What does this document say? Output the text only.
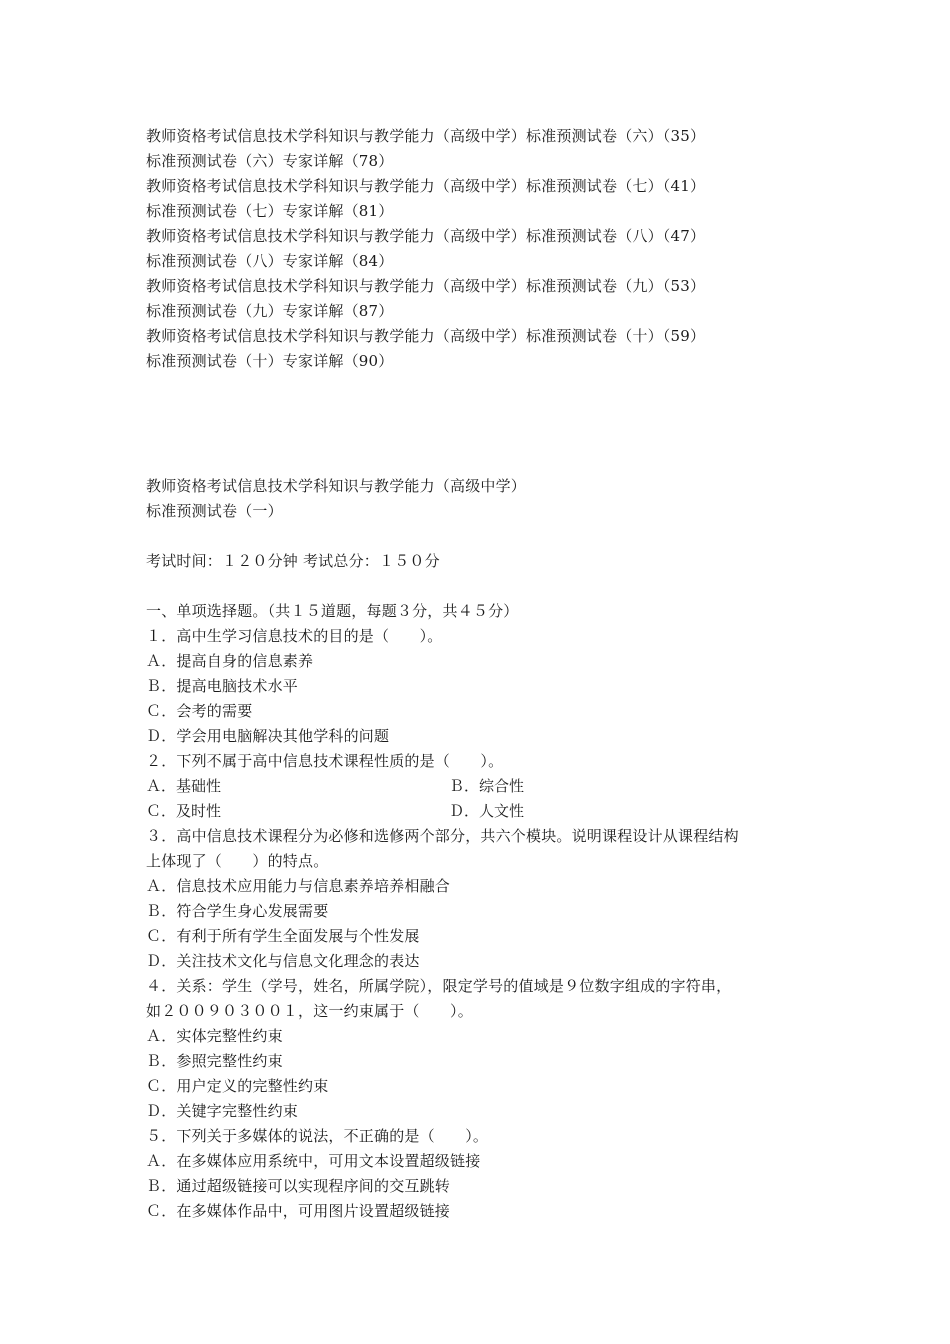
教师资格考试信息技术学科知识与教学能力（高级中学）标准预测试卷（六）（35）
标准预测试卷（六）专家详解（78）
教师资格考试信息技术学科知识与教学能力（高级中学）标准预测试卷（七）（41）
标准预测试卷（七）专家详解（81）
教师资格考试信息技术学科知识与教学能力（高级中学）标准预测试卷（八）（47）
标准预测试卷（八）专家详解（84）
教师资格考试信息技术学科知识与教学能力（高级中学）标准预测试卷（九）（53）
标准预测试卷（九）专家详解（87）
教师资格考试信息技术学科知识与教学能力（高级中学）标准预测试卷（十）（59）
标准预测试卷（十）专家详解（90）
教师资格考试信息技术学科知识与教学能力（高级中学）
标准预测试卷（一）
考试时间：１２０分钟 考试总分：１５０分
一、单项选择题。（共１５道题，每题３分，共４５分）
１．高中生学习信息技术的目的是（　　）。
Ａ．提高自身的信息素养
Ｂ．提高电脑技术水平
Ｃ．会考的需要
Ｄ．学会用电脑解决其他学科的问题
２．下列不属于高中信息技术课程性质的是（　　）。
Ａ．基础性	Ｂ．综合性
Ｃ．及时性	Ｄ．人文性
３．高中信息技术课程分为必修和选修两个部分，共六个模块。说明课程设计从课程结构
上体现了（　　）的特点。
Ａ．信息技术应用能力与信息素养培养相融合
Ｂ．符合学生身心发展需要
Ｃ．有利于所有学生全面发展与个性发展
Ｄ．关注技术文化与信息文化理念的表达
４．关系：学生（学号，姓名，所属学院），限定学号的值域是９位数字组成的字符串，
如２００９０３００１，这一约束属于（　　）。
Ａ．实体完整性约束
Ｂ．参照完整性约束
Ｃ．用户定义的完整性约束
Ｄ．关键字完整性约束
５．下列关于多媒体的说法，不正确的是（　　）。
Ａ．在多媒体应用系统中，可用文本设置超级链接
Ｂ．通过超级链接可以实现程序间的交互跳转
Ｃ．在多媒体作品中，可用图片设置超级链接
